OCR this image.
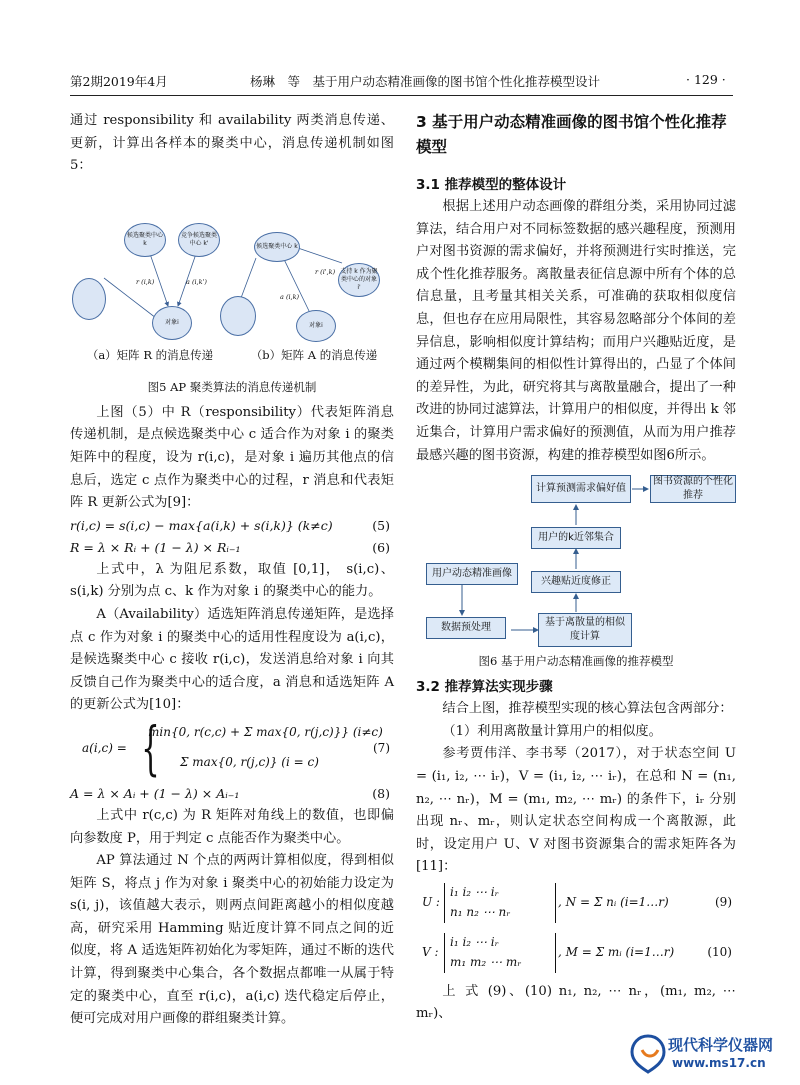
第2期2019年4月	杨琳　等　基于用户动态精准画像的图书馆个性化推荐模型设计	· 129 ·

通过 responsibility 和 availability 两类消息传递、更新，计算出各样本的聚类中心，消息传递机制如图5：

候选聚类中心 k
竞争候选聚类中心 k'
对象i
r (i,k)	a (i,k')
候选聚类中心 k
支持 k 作为聚类中心的对象 i'
对象i
a (i,k)
r (i',k)
（a）矩阵 R 的消息传递	（b）矩阵 A 的消息传递
图5 AP 聚类算法的消息传递机制

上图（5）中 R（responsibility）代表矩阵消息传递机制，是点候选聚类中心 c 适合作为对象 i 的聚类矩阵中的程度，设为 r(i,c)，是对象 i 遍历其他点的信息后，选定 c 点作为聚类中心的过程，r 消息和代表矩阵 R 更新公式为[9]：

r(i,c) = s(i,c) − max{a(i,k) + s(i,k)} (k≠c)	(5)
R = λ × Rᵢ + (1 − λ) × Rᵢ₋₁	(6)

上式中，λ 为阻尼系数，取值 [0,1]， s(i,c)、s(i,k) 分别为点 c、k 作为对象 i 的聚类中心的能力。

A（Availability）适选矩阵消息传递矩阵，是选择点 c 作为对象 i 的聚类中心的适用性程度设为 a(i,c)，是候选聚类中心 c 接收 r(i,c)，发送消息给对象 i 向其反馈自己作为聚类中心的适合度，a 消息和适选矩阵 A 的更新公式为[10]：

a(i,c) = {
min{0, r(c,c) + Σ max{0, r(j,c)}} (i≠c)
Σ max{0, r(j,c)} (i = c)
(7)
A = λ × Aᵢ + (1 − λ) × Aᵢ₋₁	(8)

上式中 r(c,c) 为 R 矩阵对角线上的数值，也即偏向参数度 P，用于判定 c 点能否作为聚类中心。

AP 算法通过 N 个点的两两计算相似度，得到相似矩阵 S，将点 j 作为对象 i 聚类中心的初始能力设定为 s(i, j)，该值越大表示，则两点间距离越小的相似度越高，研究采用 Hamming 贴近度计算不同点之间的近似度，将 A 适选矩阵初始化为零矩阵，通过不断的迭代计算，得到聚类中心集合，各个数据点都唯一从属于特定的聚类中心，直至 r(i,c)，a(i,c) 迭代稳定后停止，便可完成对用户画像的群组聚类计算。

3 基于用户动态精准画像的图书馆个性化推荐模型
3.1 推荐模型的整体设计

根据上述用户动态画像的群组分类，采用协同过滤算法，结合用户对不同标签数据的感兴趣程度，预测用户对图书资源的需求偏好，并将预测进行实时推送，完成个性化推荐服务。离散量表征信息源中所有个体的总信息量，且考量其相关关系，可准确的获取相似度信息，但也存在应用局限性，其容易忽略部分个体间的差异信息，影响相似度计算结构；而用户兴趣贴近度，是通过两个模糊集间的相似性计算得出的，凸显了个体间的差异性，为此，研究将其与离散量融合，提出了一种改进的协同过滤算法，计算用户的相似度，并得出 k 邻近集合，计算用户需求偏好的预测值，从而为用户推荐最感兴趣的图书资源，构建的推荐模型如图6所示。

计算预测需求偏好值
图书资源的个性化推荐
用户的k近邻集合
用户动态精准画像
兴趣贴近度修正
数据预处理	基于离散量的相似度计算
图6 基于用户动态精准画像的推荐模型
3.2 推荐算法实现步骤

结合上图，推荐模型实现的核心算法包含两部分：

（1）利用离散量计算用户的相似度。

参考贾伟洋、李书琴（2017），对于状态空间 U = (i₁, i₂, ⋯ iᵣ)，V = (i₁, i₂, ⋯ iᵣ)，在总和 N = (n₁, n₂, ⋯ nᵣ)，M = (m₁, m₂, ⋯ mᵣ) 的条件下，iᵣ 分别出现 nᵣ、mᵣ，则认定状态空间构成一个离散源，此时，设定用户 U、V 对图书资源集合的需求矩阵各为[11]：

U :
i₁ i₂ ⋯ iᵣ
n₁ n₂ ⋯ nᵣ
, N = Σ nᵢ (i=1…r)	(9)
V :
i₁ i₂ ⋯ iᵣ
m₁ m₂ ⋯ mᵣ
, M = Σ mᵢ (i=1…r)	(10)

上 式 (9)、(10) n₁, n₂, ⋯ nᵣ，(m₁, m₂, ⋯ mᵣ)、

现代科学仪器网
www.ms17.cn
